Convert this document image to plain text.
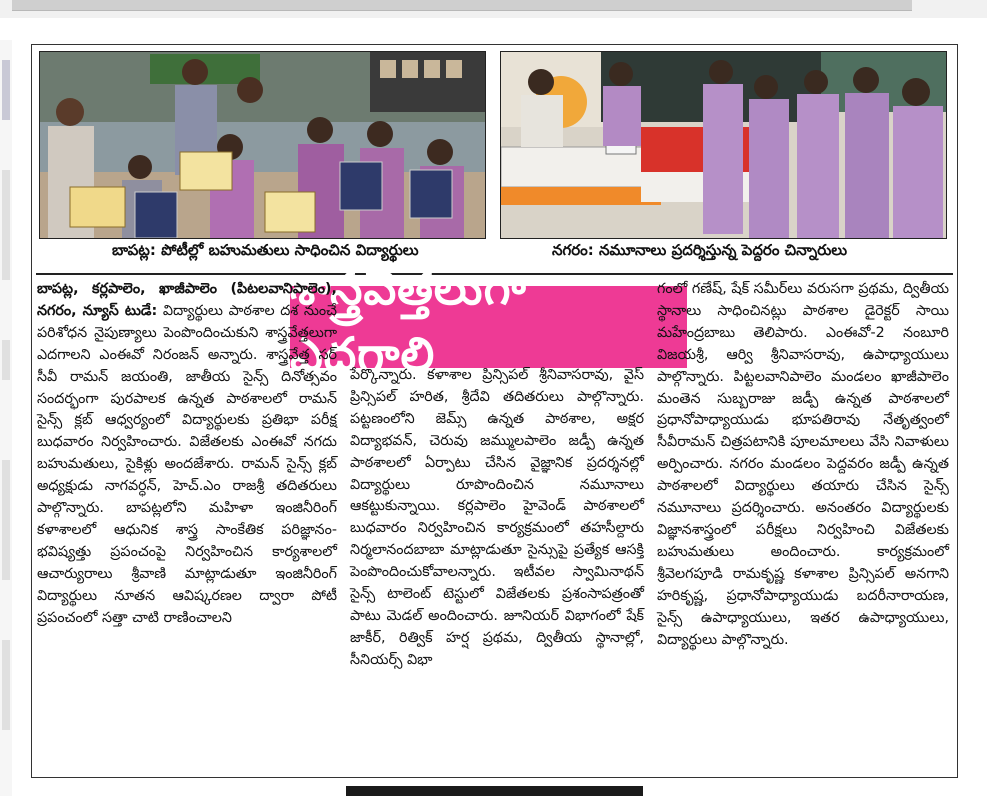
బాపట్ల: పోటీల్లో బహుమతులు సాధించిన విద్యార్థులు	నగరం: నమూనాలు ప్రదర్శిస్తున్న పెద్దరం చిన్నారులు
శాస్త్రవేత్తలుగా ఎదగాలి

బాపట్ల, కర్లపాలెం, ఖాజీపాలెం (పిటలవానిపాలెం), నగరం, న్యూస్ టుడే: విద్యార్థులు పాఠశాల దశ నుంచే పరిశోధన నైపుణ్యాలు పెంపొందించుకుని శాస్త్రవేత్తలుగా ఎదగాలని ఎంఈవో నిరంజన్ అన్నారు. శాస్త్రవేత్త సర్ సీవీ రామన్ జయంతి, జాతీయ సైన్స్ దినోత్సవం సందర్భంగా పురపాలక ఉన్నత పాఠశాలలో రామన్ సైన్స్ క్లబ్ ఆధ్వర్యంలో విద్యార్థులకు ప్రతిభా పరీక్ష బుధవారం నిర్వహించారు. విజేతలకు ఎంఈవో నగదు బహుమతులు, సైకిళ్లు అందజేశారు. రామన్ సైన్స్ క్లబ్ అధ్యక్షుడు నాగవర్ధన్, హెచ్.ఎం రాజశ్రీ తదితరులు పాల్గొన్నారు. బాపట్లలోని మహిళా ఇంజినీరింగ్ కళాశాలలో ఆధునిక శాస్త్ర సాంకేతిక పరిజ్ఞానం- భవిష్యత్తు ప్రపంచంపై నిర్వహించిన కార్యశాలలో ఆచార్యురాలు శ్రీవాణి మాట్లాడుతూ ఇంజినీరింగ్ విద్యార్థులు నూతన ఆవిష్కరణల ద్వారా పోటీ ప్రపంచంలో సత్తా చాటి రాణించాలని

పేర్కొన్నారు. కళాశాల ప్రిన్సిపల్ శ్రీనివాసరావు, వైస్ ప్రిన్సిపల్ హరిత, శ్రీదేవి తదితరులు పాల్గొన్నారు. పట్టణంలోని జెమ్స్ ఉన్నత పాఠశాల, అక్షర విద్యాభవన్, చెరువు జమ్ములపాలెం జడ్పీ ఉన్నత పాఠశాలలో ఏర్పాటు చేసిన వైజ్ఞానిక ప్రదర్శనల్లో విద్యార్థులు రూపొందించిన నమూనాలు ఆకట్టుకున్నాయి. కర్లపాలెం హైవెండ్ పాఠశాలలో బుధవారం నిర్వహించిన కార్యక్రమంలో తహసీల్దారు నిర్మలానందబాబా మాట్లాడుతూ సైన్సుపై ప్రత్యేక ఆసక్తి పెంపొందించుకోవాలన్నారు. ఇటీవల స్వామినాథన్ సైన్స్ టాలెంట్ టెస్టులో విజేతలకు ప్రశంసాపత్రంతో పాటు మెడల్ అందించారు. జూనియర్ విభాగంలో షేక్ జాకీర్, రిత్విక్ హర్ష ప్రథమ, ద్వితీయ స్థానాల్లో, సీనియర్స్ విభా

గంలో గణేష్, షేక్ సమీర్‌లు వరుసగా ప్రథమ, ద్వితీయ స్థానాలు సాధించినట్లు పాఠశాల డైరెక్టర్ సాయి మహేంద్రబాబు తెలిపారు. ఎంఈవో-2 నంబూరి విజయశ్రీ, ఆర్వి శ్రీనివాసరావు, ఉపాధ్యాయులు పాల్గొన్నారు. పిట్టలవానిపాలెం మండలం ఖాజీపాలెం మంతెన సుబ్బరాజు జడ్పీ ఉన్నత పాఠశాలలో ప్రధానోపాధ్యాయుడు భూపతిరావు నేతృత్వంలో సీవీరామన్ చిత్రపటానికి పూలమాలలు వేసి నివాళులు అర్పించారు. నగరం మండలం పెద్దవరం జడ్పీ ఉన్నత పాఠశాలలో విద్యార్థులు తయారు చేసిన సైన్స్ నమూనాలు ప్రదర్శించారు. అనంతరం విద్యార్థులకు విజ్ఞానశాస్త్రంలో పరీక్షలు నిర్వహించి విజేతలకు బహుమతులు అందించారు. కార్యక్రమంలో శ్రీవెలగపూడి రామకృష్ణ కళాశాల ప్రిన్సిపల్ అనగాని హరికృష్ణ, ప్రధానోపాధ్యాయుడు బదరీనారాయణ, సైన్స్ ఉపాధ్యాయులు, ఇతర ఉపాధ్యాయులు, విద్యార్థులు పాల్గొన్నారు.
